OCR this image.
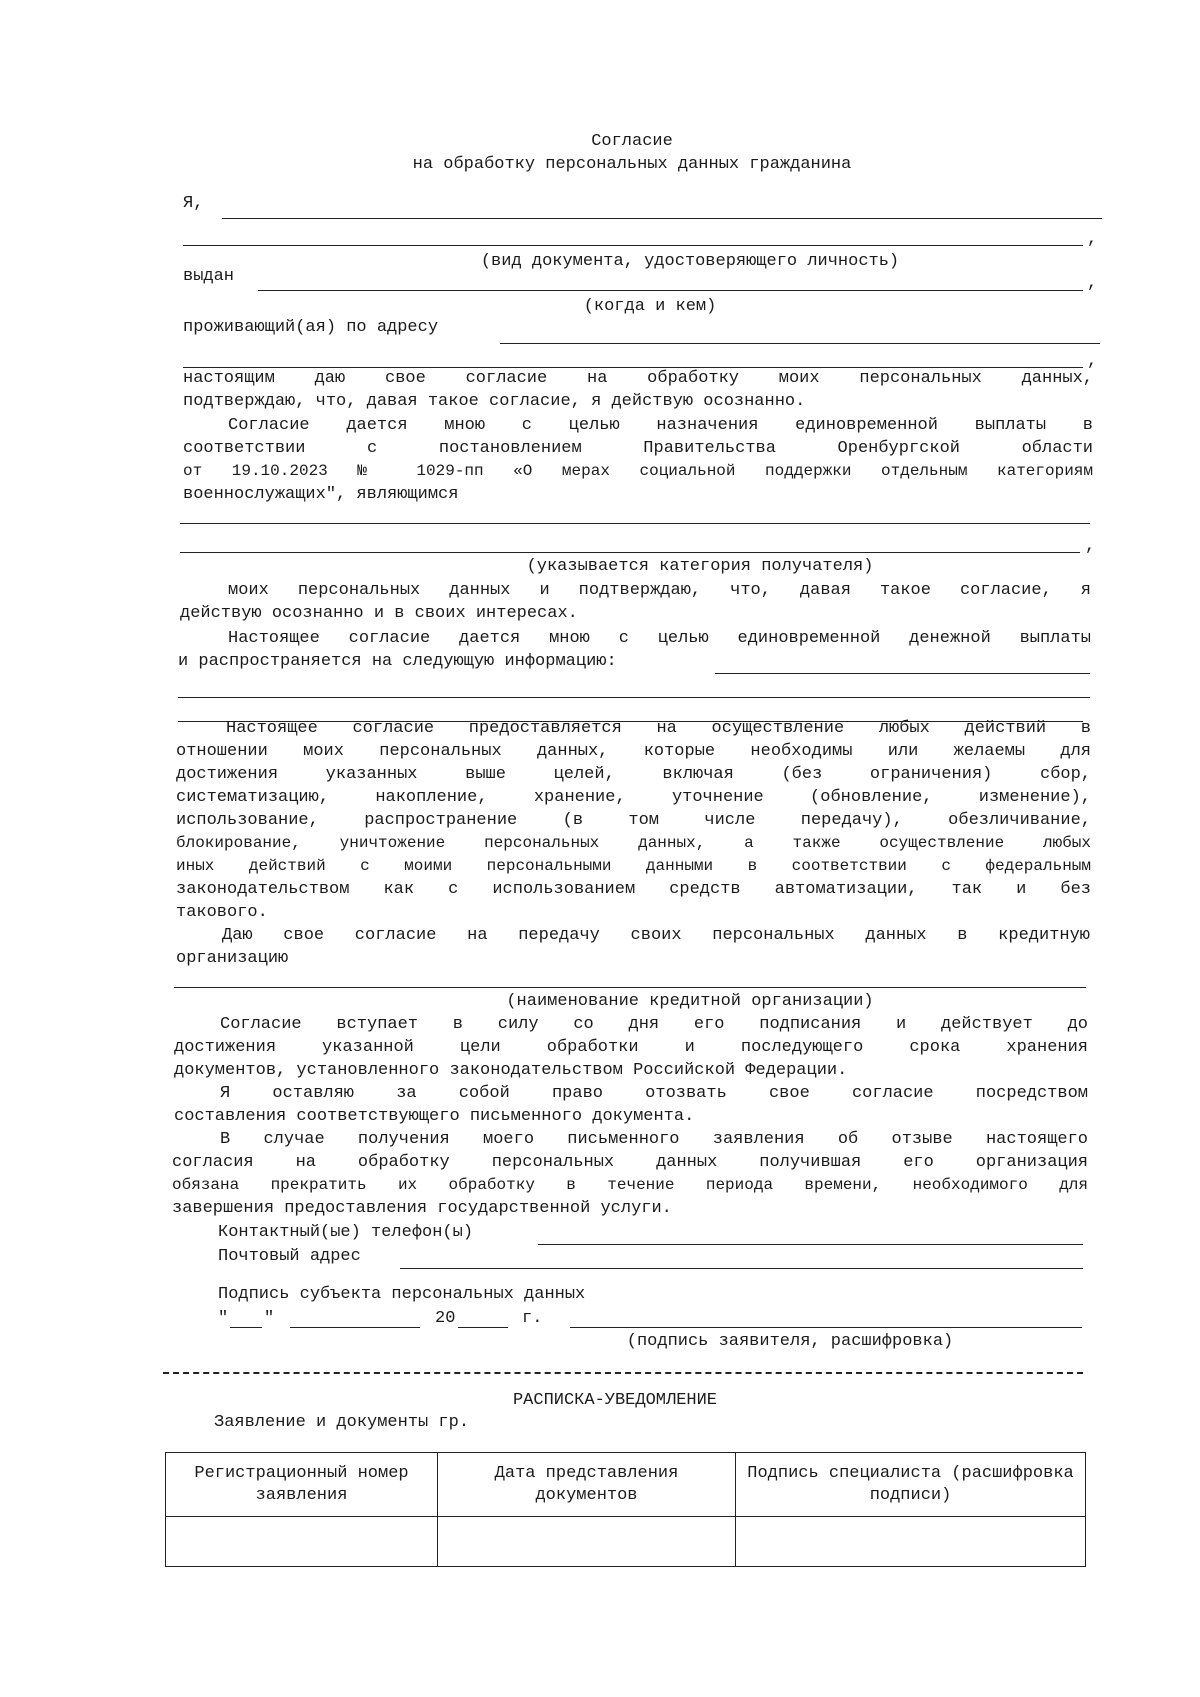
Согласие
на обработку персональных данных гражданина
Я,
,
(вид документа, удостоверяющего личность)
выдан	,
(когда и кем)
проживающий(ая) по адресу
,
настоящим даю свое согласие на обработку моих персональных данных,
подтверждаю, что, давая такое согласие, я действую осознанно.
Согласие дается мною с целью назначения единовременной выплаты в
соответствии с постановлением Правительства Оренбургской области
от 19.10.2023 № 1029-пп «О мерах социальной поддержки отдельным категориям
военнослужащих", являющимся
,
(указывается категория получателя)
моих персональных данных и подтверждаю, что, давая такое согласие, я
действую осознанно и в своих интересах.
Настоящее согласие дается мною с целью единовременной денежной выплаты
и распространяется на следующую информацию:
Настоящее согласие предоставляется на осуществление любых действий в
отношении моих персональных данных, которые необходимы или желаемы для
достижения указанных выше целей, включая (без ограничения) сбор,
систематизацию, накопление, хранение, уточнение (обновление, изменение),
использование, распространение (в том числе передачу), обезличивание,
блокирование, уничтожение персональных данных, а также осуществление любых
иных действий с моими персональными данными в соответствии с федеральным
законодательством как с использованием средств автоматизации, так и без
такового.
Даю свое согласие на передачу своих персональных данных в кредитную
организацию
(наименование кредитной организации)
Согласие вступает в силу со дня его подписания и действует до
достижения указанной цели обработки и последующего срока хранения
документов, установленного законодательством Российской Федерации.
Я оставляю за собой право отозвать свое согласие посредством
составления соответствующего письменного документа.
В случае получения моего письменного заявления об отзыве настоящего
согласия на обработку персональных данных получившая его организация
обязана прекратить их обработку в течение периода времени, необходимого для
завершения предоставления государственной услуги.
Контактный(ые) телефон(ы)
Почтовый адрес
Подпись субъекта персональных данных
" "	20	г.
(подпись заявителя, расшифровка)
РАСПИСКА-УВЕДОМЛЕНИЕ
Заявление и документы гр.
Регистрационный номер заявления	Дата представления документов	Подпись специалиста (расшифровка подписи)
